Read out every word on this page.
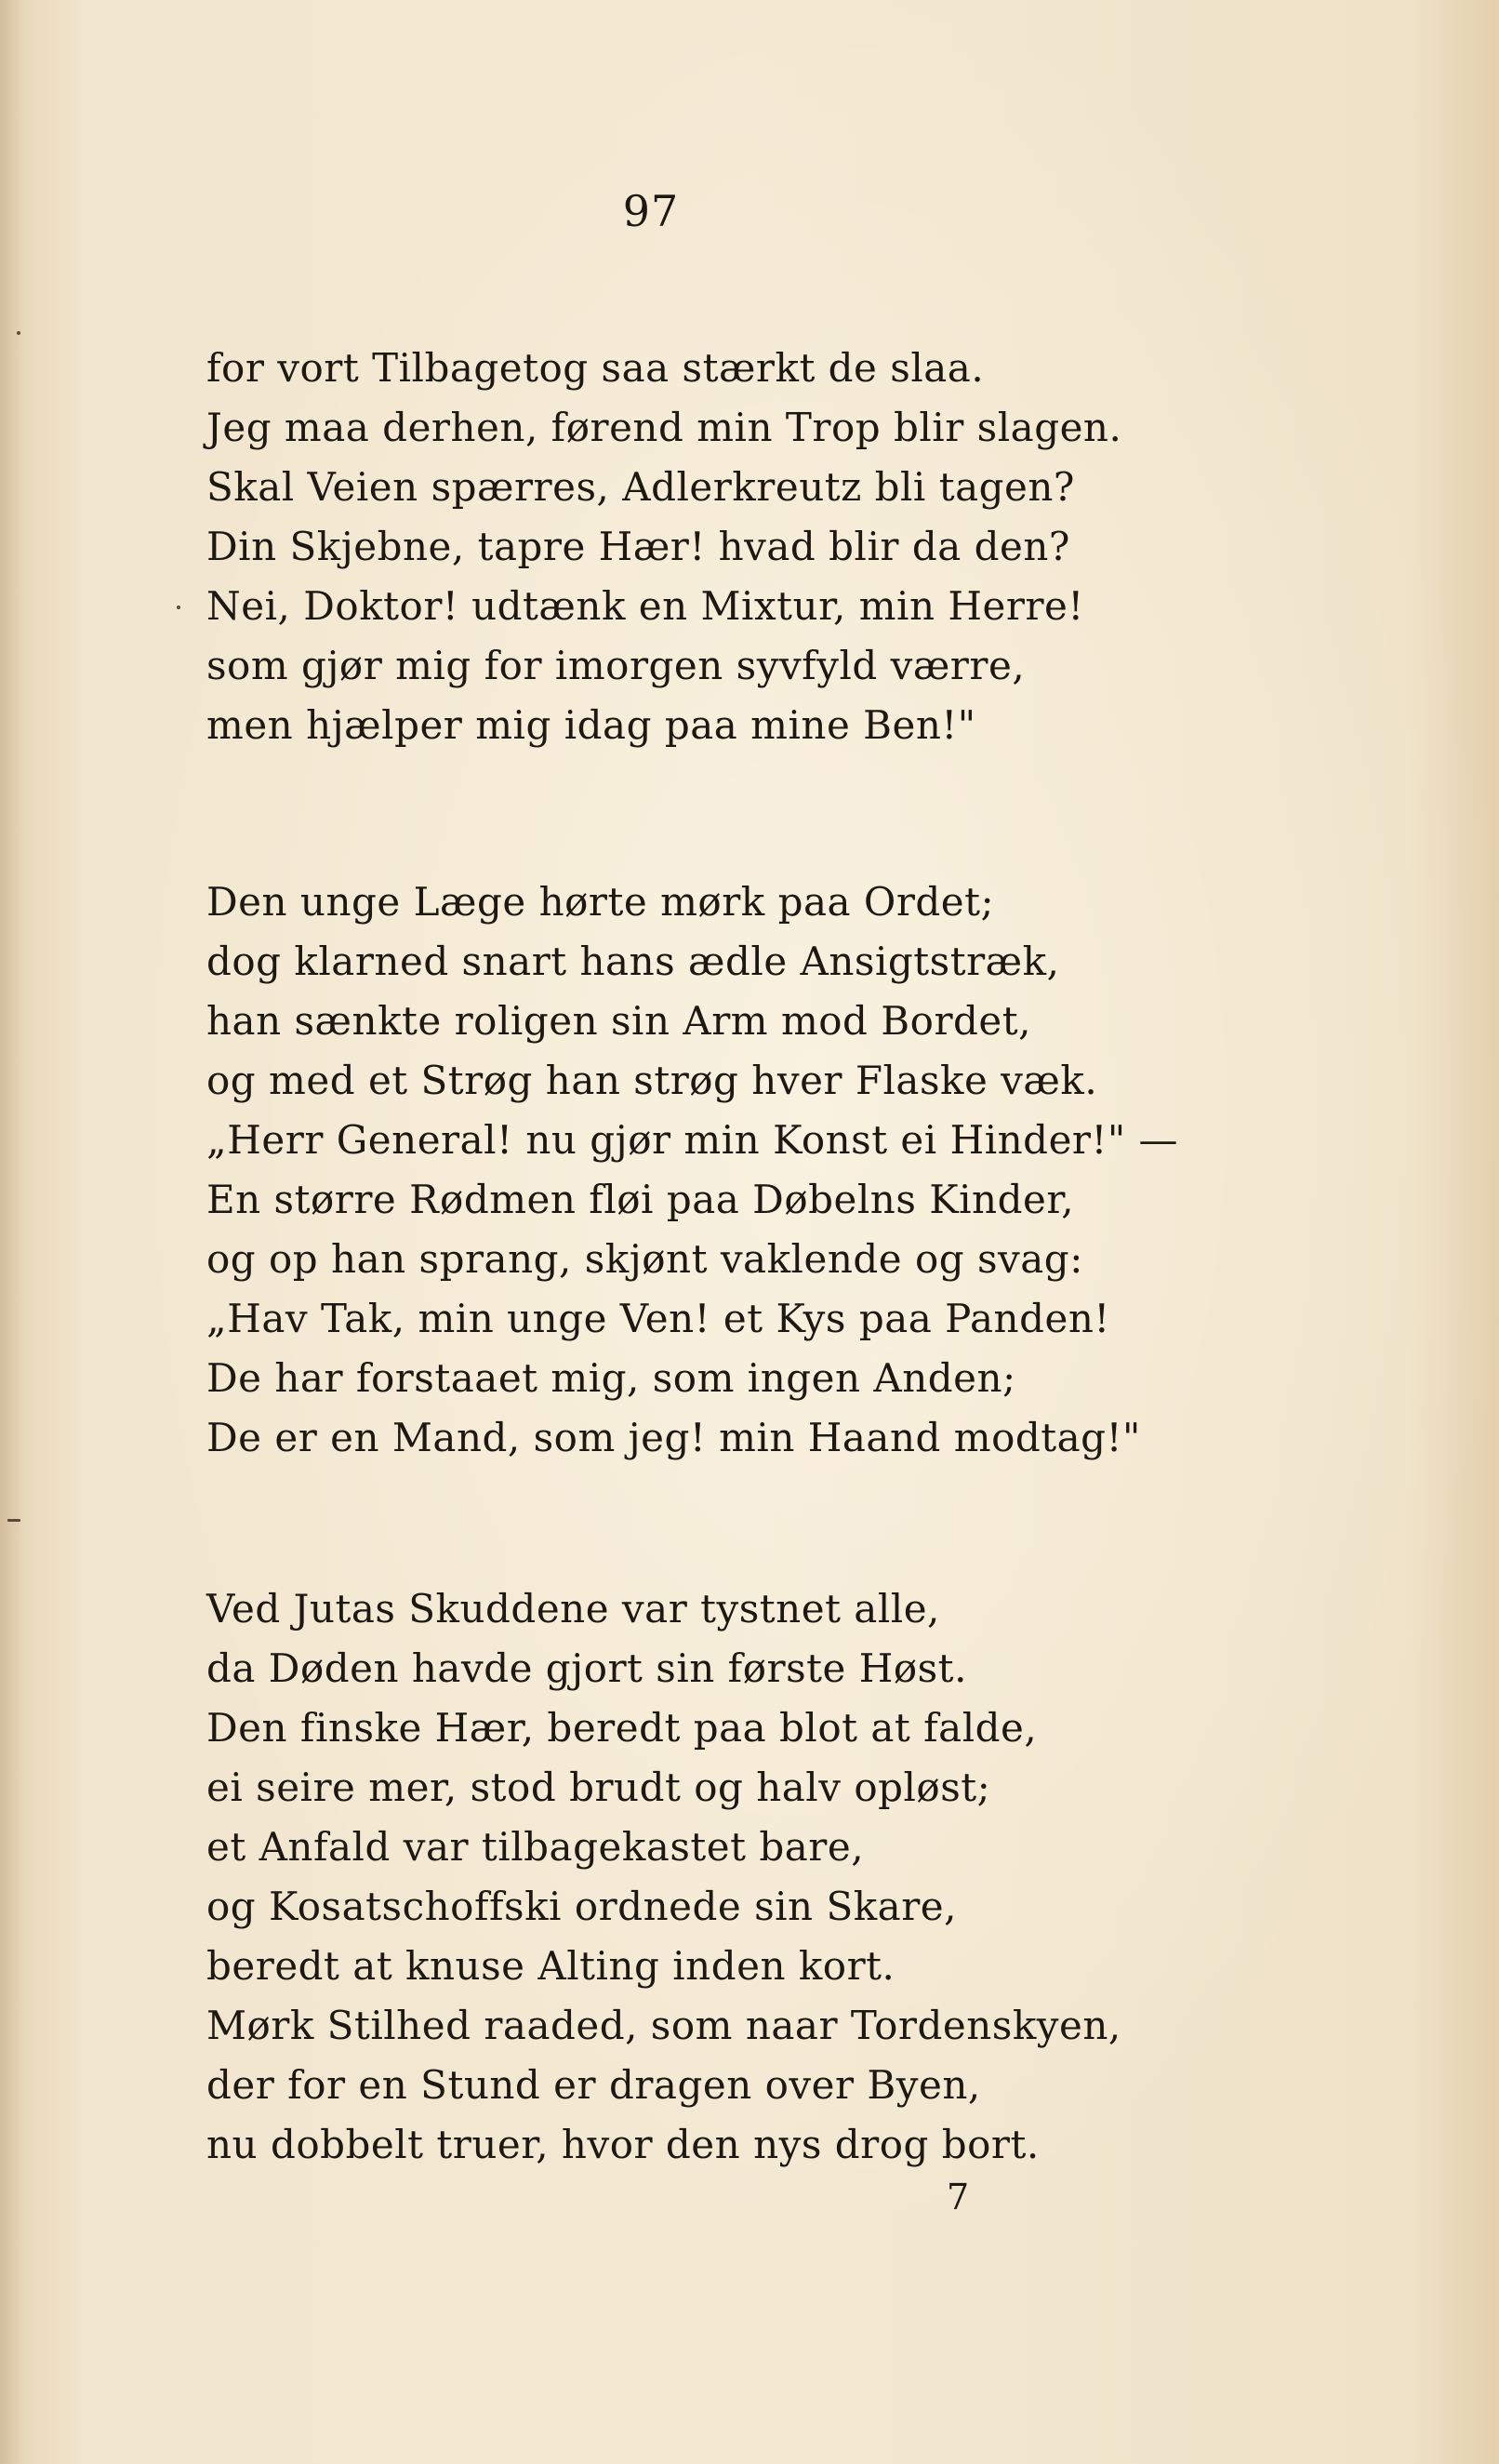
97
for vort Tilbagetog saa stærkt de slaa.
Jeg maa derhen, førend min Trop blir slagen.
Skal Veien spærres, Adlerkreutz bli tagen?
Din Skjebne, tapre Hær! hvad blir da den?
Nei, Doktor! udtænk en Mixtur, min Herre!
som gjør mig for imorgen syvfyld værre,
men hjælper mig idag paa mine Ben!"
Den unge Læge hørte mørk paa Ordet;
dog klarned snart hans ædle Ansigtstræk,
han sænkte roligen sin Arm mod Bordet,
og med et Strøg han strøg hver Flaske væk.
„Herr General! nu gjør min Konst ei Hinder!" —
En større Rødmen fløi paa Døbelns Kinder,
og op han sprang, skjønt vaklende og svag:
„Hav Tak, min unge Ven! et Kys paa Panden!
De har forstaaet mig, som ingen Anden;
De er en Mand, som jeg! min Haand modtag!"
Ved Jutas Skuddene var tystnet alle,
da Døden havde gjort sin første Høst.
Den finske Hær, beredt paa blot at falde,
ei seire mer, stod brudt og halv opløst;
et Anfald var tilbagekastet bare,
og Kosatschoffski ordnede sin Skare,
beredt at knuse Alting inden kort.
Mørk Stilhed raaded, som naar Tordenskyen,
der for en Stund er dragen over Byen,
nu dobbelt truer, hvor den nys drog bort.
7
